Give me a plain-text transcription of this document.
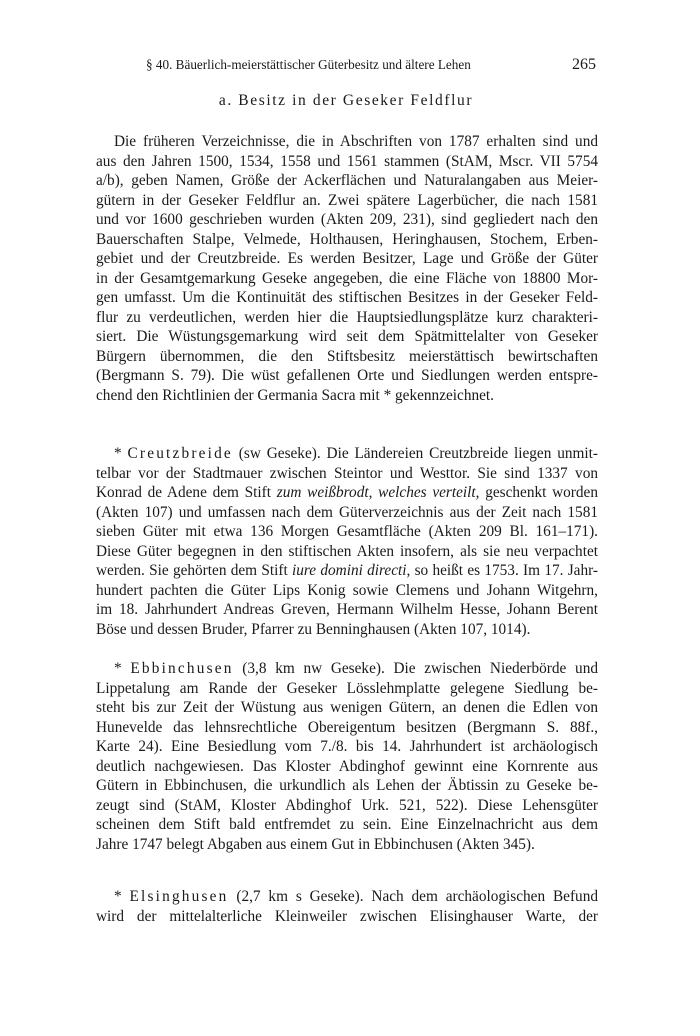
§ 40. Bäuerlich-meierstättischer Güterbesitz und ältere Lehen	265
a. Besitz in der Geseker Feldflur
Die früheren Verzeichnisse, die in Abschriften von 1787 erhalten sind und
aus den Jahren 1500, 1534, 1558 und 1561 stammen (StAM, Mscr. VII 5754
a/b), geben Namen, Größe der Ackerflächen und Naturalangaben aus Meier-
gütern in der Geseker Feldflur an. Zwei spätere Lagerbücher, die nach 1581
und vor 1600 geschrieben wurden (Akten 209, 231), sind gegliedert nach den
Bauerschaften Stalpe, Velmede, Holthausen, Heringhausen, Stochem, Erben-
gebiet und der Creutzbreide. Es werden Besitzer, Lage und Größe der Güter
in der Gesamtgemarkung Geseke angegeben, die eine Fläche von 18800 Mor-
gen umfasst. Um die Kontinuität des stiftischen Besitzes in der Geseker Feld-
flur zu verdeutlichen, werden hier die Hauptsiedlungsplätze kurz charakteri-
siert. Die Wüstungsgemarkung wird seit dem Spätmittelalter von Geseker
Bürgern übernommen, die den Stiftsbesitz meierstättisch bewirtschaften
(Bergmann S. 79). Die wüst gefallenen Orte und Siedlungen werden entspre-
chend den Richtlinien der Germania Sacra mit * gekennzeichnet.
* Creutzbreide (sw Geseke). Die Ländereien Creutzbreide liegen unmit-
telbar vor der Stadtmauer zwischen Steintor und Westtor. Sie sind 1337 von
Konrad de Adene dem Stift zum weißbrodt, welches verteilt, geschenkt worden
(Akten 107) und umfassen nach dem Güterverzeichnis aus der Zeit nach 1581
sieben Güter mit etwa 136 Morgen Gesamtfläche (Akten 209 Bl. 161–171).
Diese Güter begegnen in den stiftischen Akten insofern, als sie neu verpachtet
werden. Sie gehörten dem Stift iure domini directi, so heißt es 1753. Im 17. Jahr-
hundert pachten die Güter Lips Konig sowie Clemens und Johann Witgehrn,
im 18. Jahrhundert Andreas Greven, Hermann Wilhelm Hesse, Johann Berent
Böse und dessen Bruder, Pfarrer zu Benninghausen (Akten 107, 1014).
* Ebbinchusen (3,8 km nw Geseke). Die zwischen Niederbörde und
Lippetalung am Rande der Geseker Lösslehmplatte gelegene Siedlung be-
steht bis zur Zeit der Wüstung aus wenigen Gütern, an denen die Edlen von
Hunevelde das lehnsrechtliche Obereigentum besitzen (Bergmann S. 88f.,
Karte 24). Eine Besiedlung vom 7./8. bis 14. Jahrhundert ist archäologisch
deutlich nachgewiesen. Das Kloster Abdinghof gewinnt eine Kornrente aus
Gütern in Ebbinchusen, die urkundlich als Lehen der Äbtissin zu Geseke be-
zeugt sind (StAM, Kloster Abdinghof Urk. 521, 522). Diese Lehensgüter
scheinen dem Stift bald entfremdet zu sein. Eine Einzelnachricht aus dem
Jahre 1747 belegt Abgaben aus einem Gut in Ebbinchusen (Akten 345).
* Elsinghusen (2,7 km s Geseke). Nach dem archäologischen Befund
wird der mittelalterliche Kleinweiler zwischen Elisinghauser Warte, der
